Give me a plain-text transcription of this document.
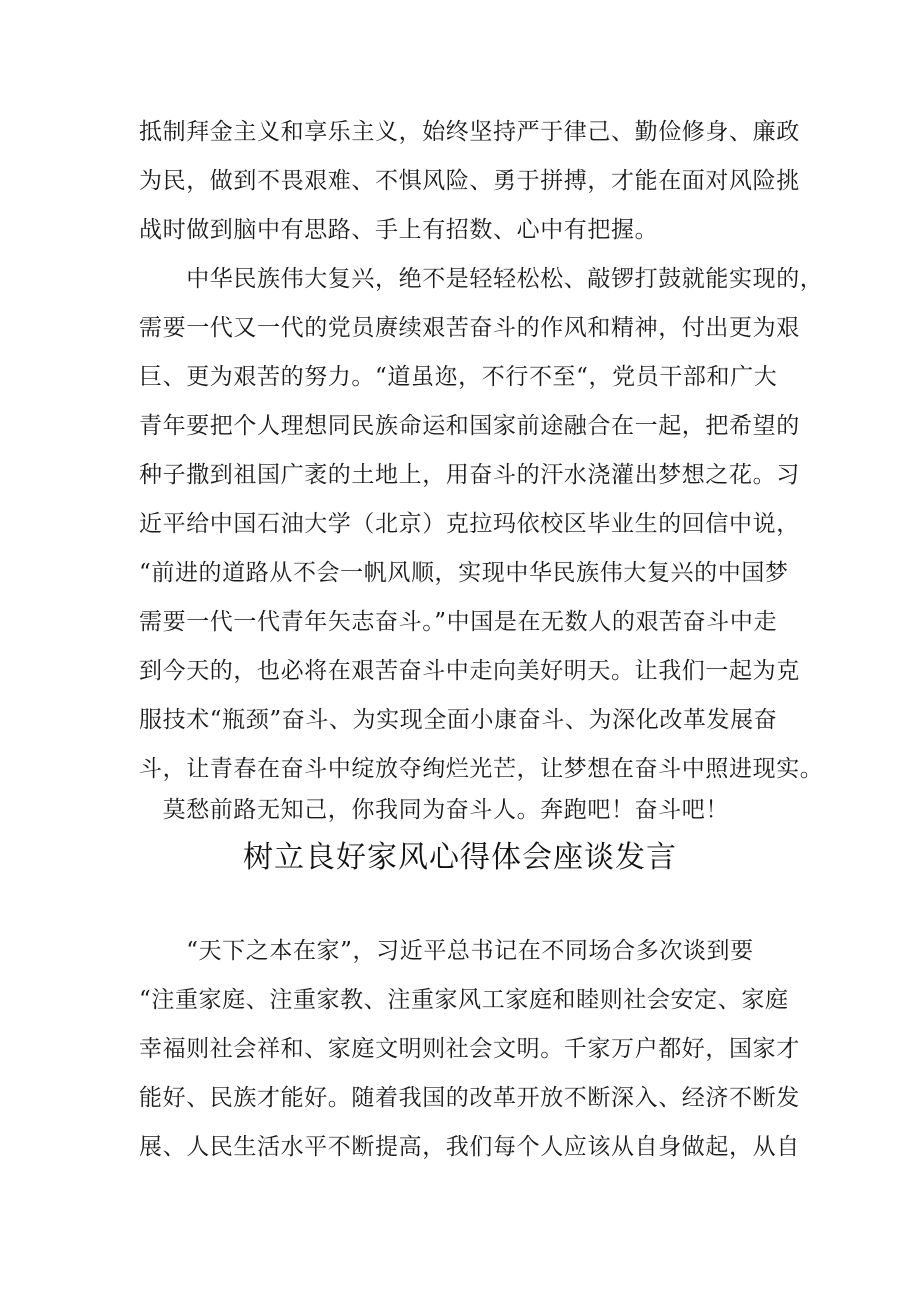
抵制拜金主义和享乐主义，始终坚持严于律己、勤俭修身、廉政
为民，做到不畏艰难、不惧风险、勇于拼搏，才能在面对风险挑
战时做到脑中有思路、手上有招数、心中有把握。
　　中华民族伟大复兴，绝不是轻轻松松、敲锣打鼓就能实现的，
需要一代又一代的党员赓续艰苦奋斗的作风和精神，付出更为艰
巨、更为艰苦的努力。“道虽迩，不行不至“，党员干部和广大
青年要把个人理想同民族命运和国家前途融合在一起，把希望的
种子撒到祖国广袤的土地上，用奋斗的汗水浇灌出梦想之花。习
近平给中国石油大学（北京）克拉玛依校区毕业生的回信中说，
“前进的道路从不会一帆风顺，实现中华民族伟大复兴的中国梦
需要一代一代青年矢志奋斗。”中国是在无数人的艰苦奋斗中走
到今天的，也必将在艰苦奋斗中走向美好明天。让我们一起为克
服技术“瓶颈”奋斗、为实现全面小康奋斗、为深化改革发展奋
斗，让青春在奋斗中绽放夺绚烂光芒，让梦想在奋斗中照进现实。
　莫愁前路无知己，你我同为奋斗人。奔跑吧！奋斗吧！
树立良好家风心得体会座谈发言
　　“天下之本在家”，习近平总书记在不同场合多次谈到要
“注重家庭、注重家教、注重家风工家庭和睦则社会安定、家庭
幸福则社会祥和、家庭文明则社会文明。千家万户都好，国家才
能好、民族才能好。随着我国的改革开放不断深入、经济不断发
展、人民生活水平不断提高，我们每个人应该从自身做起，从自
